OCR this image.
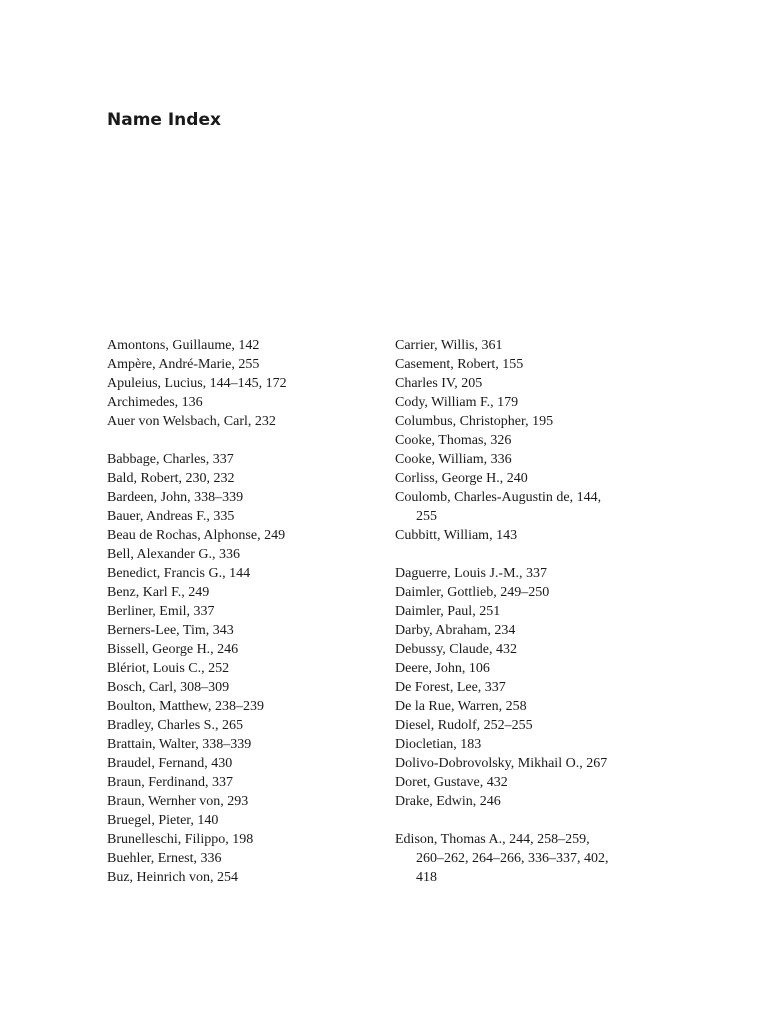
Name Index
Amontons, Guillaume, 142
Ampère, André-Marie, 255
Apuleius, Lucius, 144–145, 172
Archimedes, 136
Auer von Welsbach, Carl, 232
Babbage, Charles, 337
Bald, Robert, 230, 232
Bardeen, John, 338–339
Bauer, Andreas F., 335
Beau de Rochas, Alphonse, 249
Bell, Alexander G., 336
Benedict, Francis G., 144
Benz, Karl F., 249
Berliner, Emil, 337
Berners-Lee, Tim, 343
Bissell, George H., 246
Blériot, Louis C., 252
Bosch, Carl, 308–309
Boulton, Matthew, 238–239
Bradley, Charles S., 265
Brattain, Walter, 338–339
Braudel, Fernand, 430
Braun, Ferdinand, 337
Braun, Wernher von, 293
Bruegel, Pieter, 140
Brunelleschi, Filippo, 198
Buehler, Ernest, 336
Buz, Heinrich von, 254
Carrier, Willis, 361
Casement, Robert, 155
Charles IV, 205
Cody, William F., 179
Columbus, Christopher, 195
Cooke, Thomas, 326
Cooke, William, 336
Corliss, George H., 240
Coulomb, Charles-Augustin de, 144,
255
Cubbitt, William, 143
Daguerre, Louis J.-M., 337
Daimler, Gottlieb, 249–250
Daimler, Paul, 251
Darby, Abraham, 234
Debussy, Claude, 432
Deere, John, 106
De Forest, Lee, 337
De la Rue, Warren, 258
Diesel, Rudolf, 252–255
Diocletian, 183
Dolivo-Dobrovolsky, Mikhail O., 267
Doret, Gustave, 432
Drake, Edwin, 246
Edison, Thomas A., 244, 258–259,
260–262, 264–266, 336–337, 402,
418
